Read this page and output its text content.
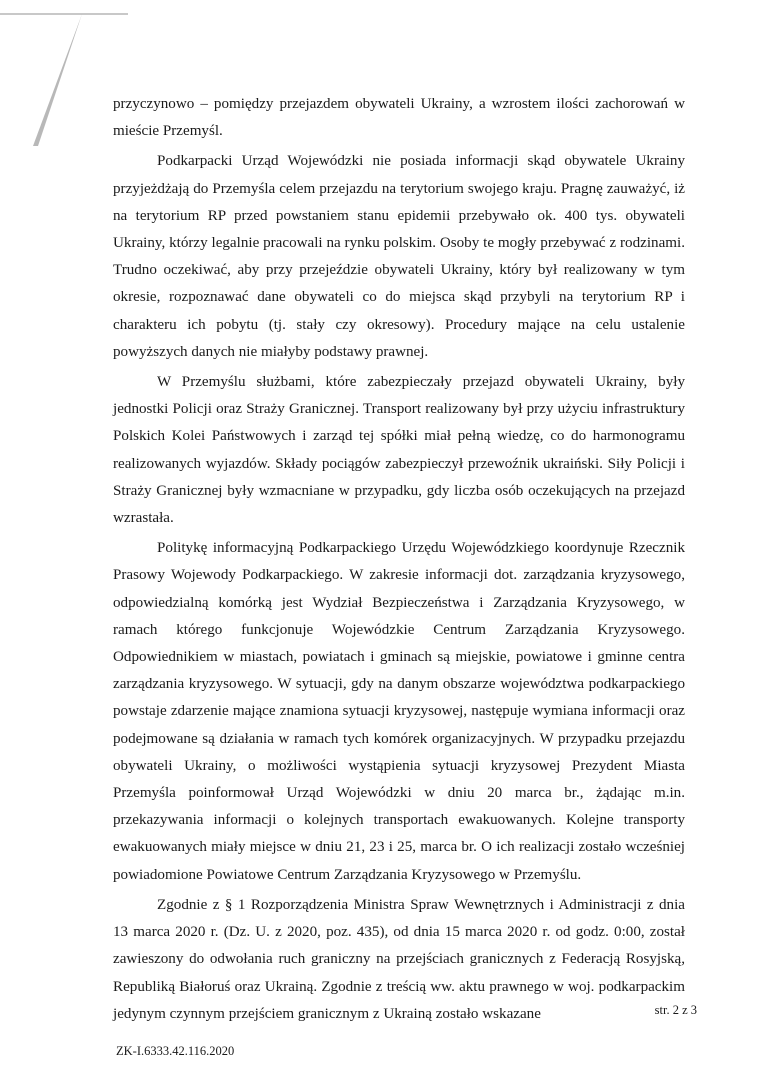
przyczynowo – pomiędzy przejazdem obywateli Ukrainy, a wzrostem ilości zachorowań w mieście Przemyśl.

Podkarpacki Urząd Wojewódzki nie posiada informacji skąd obywatele Ukrainy przyjeżdżają do Przemyśla celem przejazdu na terytorium swojego kraju. Pragnę zauważyć, iż na terytorium RP przed powstaniem stanu epidemii przebywało ok. 400 tys. obywateli Ukrainy, którzy legalnie pracowali na rynku polskim. Osoby te mogły przebywać z rodzinami. Trudno oczekiwać, aby przy przejeździe obywateli Ukrainy, który był realizowany w tym okresie, rozpoznawać dane obywateli co do miejsca skąd przybyli na terytorium RP i charakteru ich pobytu (tj. stały czy okresowy). Procedury mające na celu ustalenie powyższych danych nie miałyby podstawy prawnej.

W Przemyślu służbami, które zabezpieczały przejazd obywateli Ukrainy, były jednostki Policji oraz Straży Granicznej. Transport realizowany był przy użyciu infrastruktury Polskich Kolei Państwowych i zarząd tej spółki miał pełną wiedzę, co do harmonogramu realizowanych wyjazdów. Składy pociągów zabezpieczył przewoźnik ukraiński. Siły Policji i Straży Granicznej były wzmacniane w przypadku, gdy liczba osób oczekujących na przejazd wzrastała.

Politykę informacyjną Podkarpackiego Urzędu Wojewódzkiego koordynuje Rzecznik Prasowy Wojewody Podkarpackiego. W zakresie informacji dot. zarządzania kryzysowego, odpowiedzialną komórką jest Wydział Bezpieczeństwa i Zarządzania Kryzysowego, w ramach którego funkcjonuje Wojewódzkie Centrum Zarządzania Kryzysowego. Odpowiednikiem w miastach, powiatach i gminach są miejskie, powiatowe i gminne centra zarządzania kryzysowego. W sytuacji, gdy na danym obszarze województwa podkarpackiego powstaje zdarzenie mające znamiona sytuacji kryzysowej, następuje wymiana informacji oraz podejmowane są działania w ramach tych komórek organizacyjnych. W przypadku przejazdu obywateli Ukrainy, o możliwości wystąpienia sytuacji kryzysowej Prezydent Miasta Przemyśla poinformował Urząd Wojewódzki w dniu 20 marca br., żądając m.in. przekazywania informacji o kolejnych transportach ewakuowanych. Kolejne transporty ewakuowanych miały miejsce w dniu 21, 23 i 25, marca br. O ich realizacji zostało wcześniej powiadomione Powiatowe Centrum Zarządzania Kryzysowego w Przemyślu.

Zgodnie z § 1 Rozporządzenia Ministra Spraw Wewnętrznych i Administracji z dnia 13 marca 2020 r. (Dz. U. z 2020, poz. 435), od dnia 15 marca 2020 r. od godz. 0:00, został zawieszony do odwołania ruch graniczny na przejściach granicznych z Federacją Rosyjską, Republiką Białoruś oraz Ukrainą. Zgodnie z treścią ww. aktu prawnego w woj. podkarpackim jedynym czynnym przejściem granicznym z Ukrainą zostało wskazane	str. 2 z 3
ZK-I.6333.42.116.2020
